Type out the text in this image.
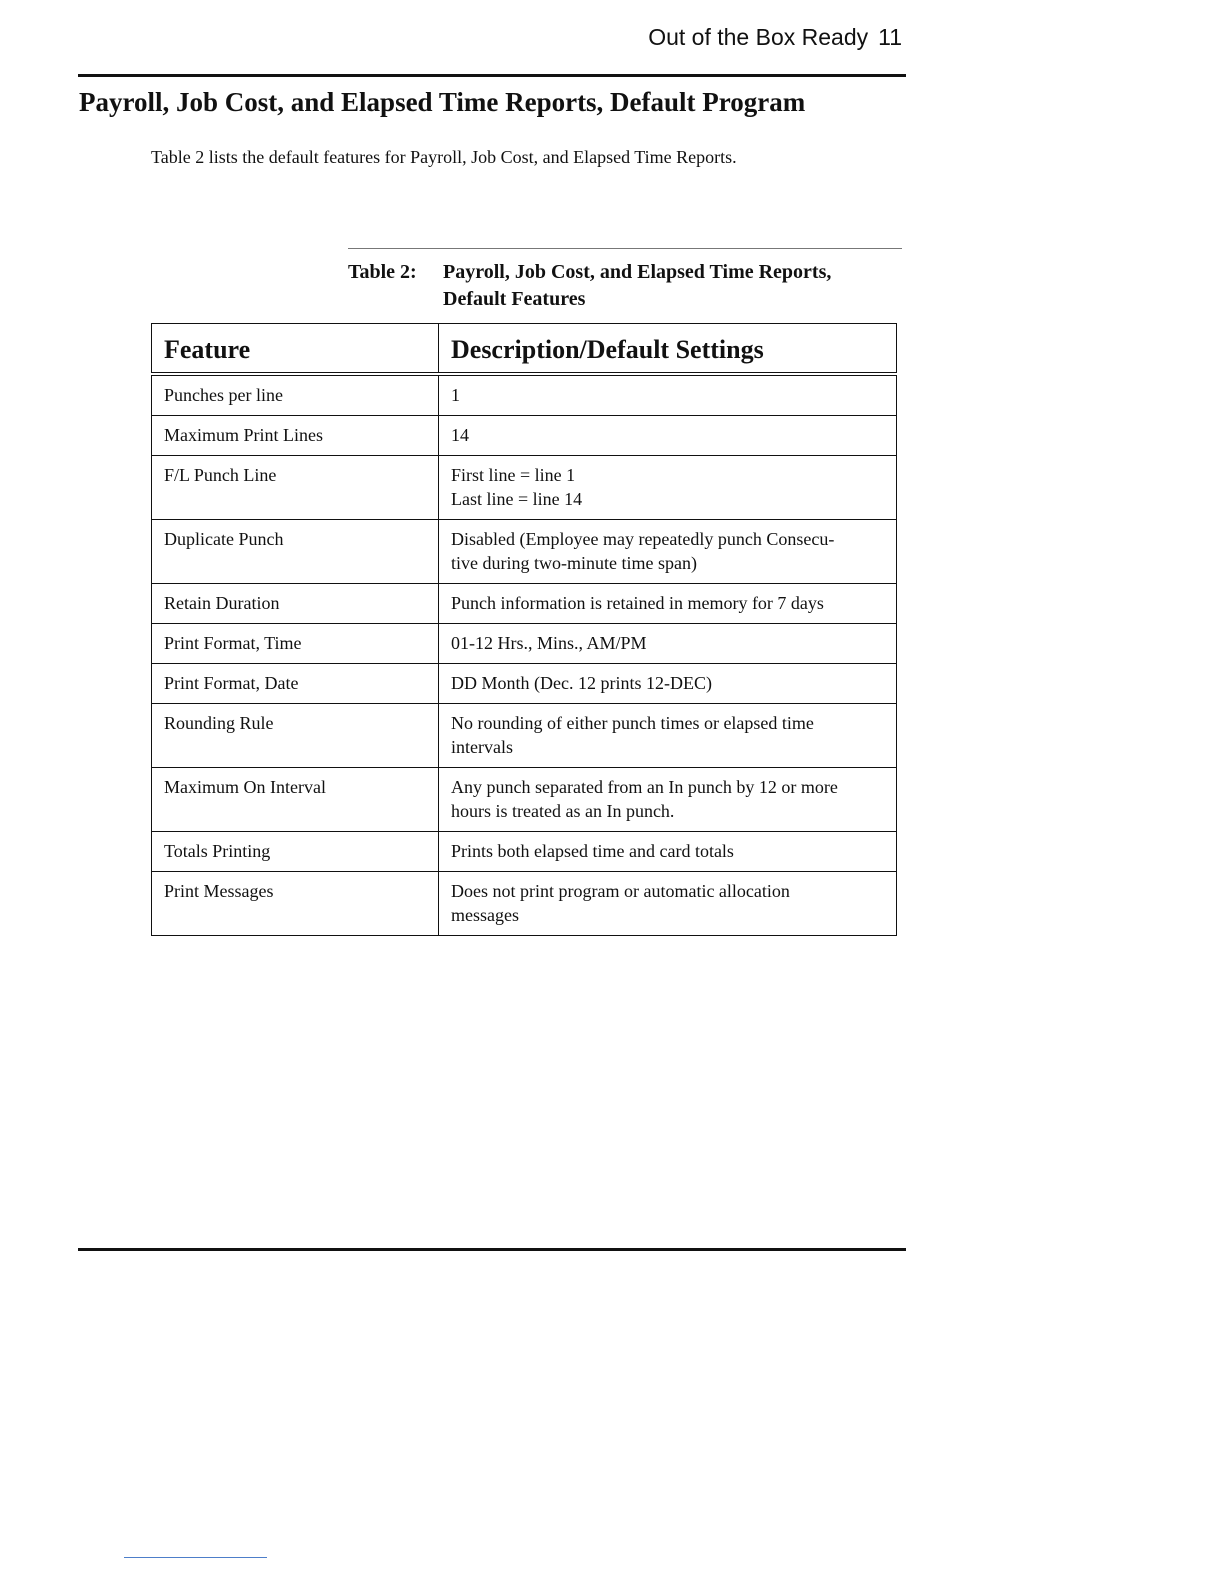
Out of the Box Ready 11
Payroll, Job Cost, and Elapsed Time Reports, Default Program

Table 2 lists the default features for Payroll, Job Cost, and Elapsed Time Reports.

Table 2: Payroll, Job Cost, and Elapsed Time Reports,
Default Features
Feature	Description/Default Settings
Punches per line	1

Maximum Print Lines	14

F/L Punch Line	First line = line 1
Last line = line 14

Duplicate Punch	Disabled (Employee may repeatedly punch Consecu-
tive during two-minute time span)

Retain Duration	Punch information is retained in memory for 7 days

Print Format, Time	01-12 Hrs., Mins., AM/PM

Print Format, Date	DD Month (Dec. 12 prints 12-DEC)

Rounding Rule	No rounding of either punch times or elapsed time
intervals

Maximum On Interval	Any punch separated from an In punch by 12 or more
hours is treated as an In punch.

Totals Printing	Prints both elapsed time and card totals

Print Messages	Does not print program or automatic allocation
messages
